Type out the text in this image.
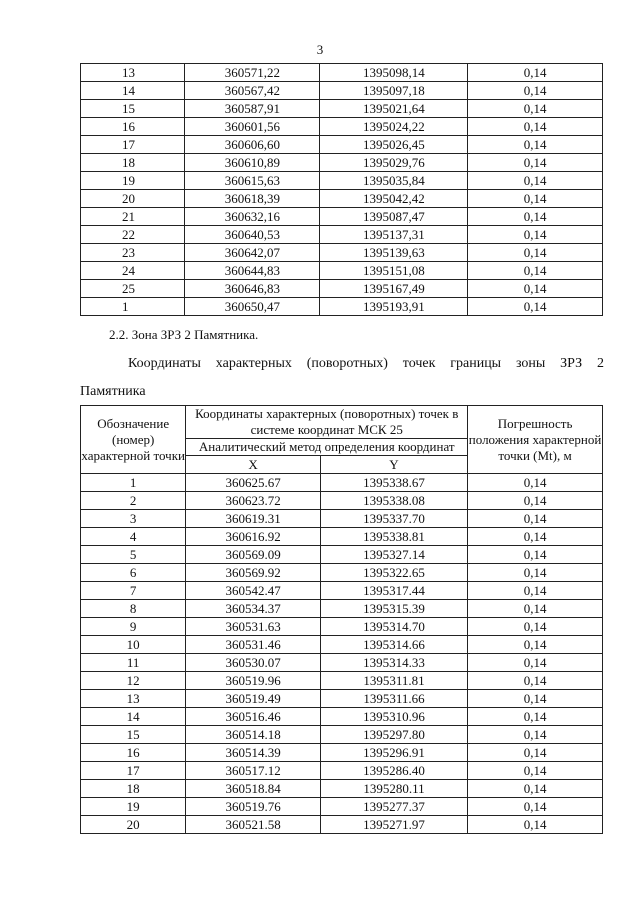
3
13	360571,22	1395098,14	0,14
14	360567,42	1395097,18	0,14
15	360587,91	1395021,64	0,14
16	360601,56	1395024,22	0,14
17	360606,60	1395026,45	0,14
18	360610,89	1395029,76	0,14
19	360615,63	1395035,84	0,14
20	360618,39	1395042,42	0,14
21	360632,16	1395087,47	0,14
22	360640,53	1395137,31	0,14
23	360642,07	1395139,63	0,14
24	360644,83	1395151,08	0,14
25	360646,83	1395167,49	0,14
1	360650,47	1395193,91	0,14
2.2. Зона ЗРЗ 2 Памятника.
Координаты характерных (поворотных) точек границы зоны ЗРЗ 2
Памятника
Обозначение (номер) характерной точки	Координаты характерных (поворотных) точек в системе координат МСК 25		Погрешность положения характерной точки (Mt), м
	Аналитический метод определения координат		
	X	Y	
1	360625.67	1395338.67	0,14
2	360623.72	1395338.08	0,14
3	360619.31	1395337.70	0,14
4	360616.92	1395338.81	0,14
5	360569.09	1395327.14	0,14
6	360569.92	1395322.65	0,14
7	360542.47	1395317.44	0,14
8	360534.37	1395315.39	0,14
9	360531.63	1395314.70	0,14
10	360531.46	1395314.66	0,14
11	360530.07	1395314.33	0,14
12	360519.96	1395311.81	0,14
13	360519.49	1395311.66	0,14
14	360516.46	1395310.96	0,14
15	360514.18	1395297.80	0,14
16	360514.39	1395296.91	0,14
17	360517.12	1395286.40	0,14
18	360518.84	1395280.11	0,14
19	360519.76	1395277.37	0,14
20	360521.58	1395271.97	0,14
